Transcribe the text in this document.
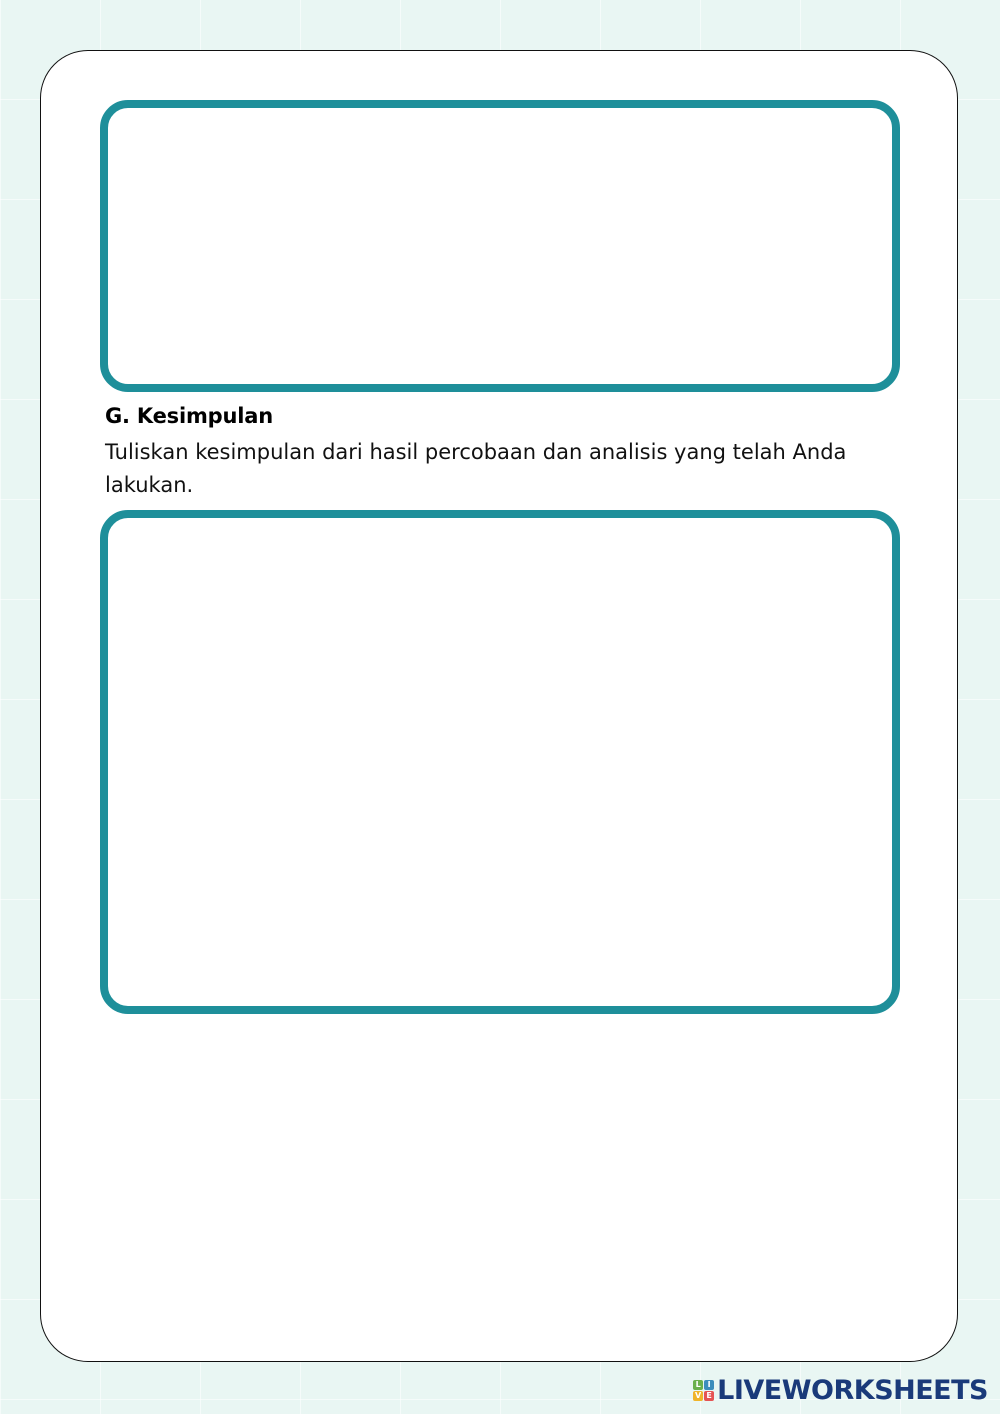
G. Kesimpulan
Tuliskan kesimpulan dari hasil percobaan dan analisis yang telah Anda lakukan.
L I
V E LIVEWORKSHEETS
